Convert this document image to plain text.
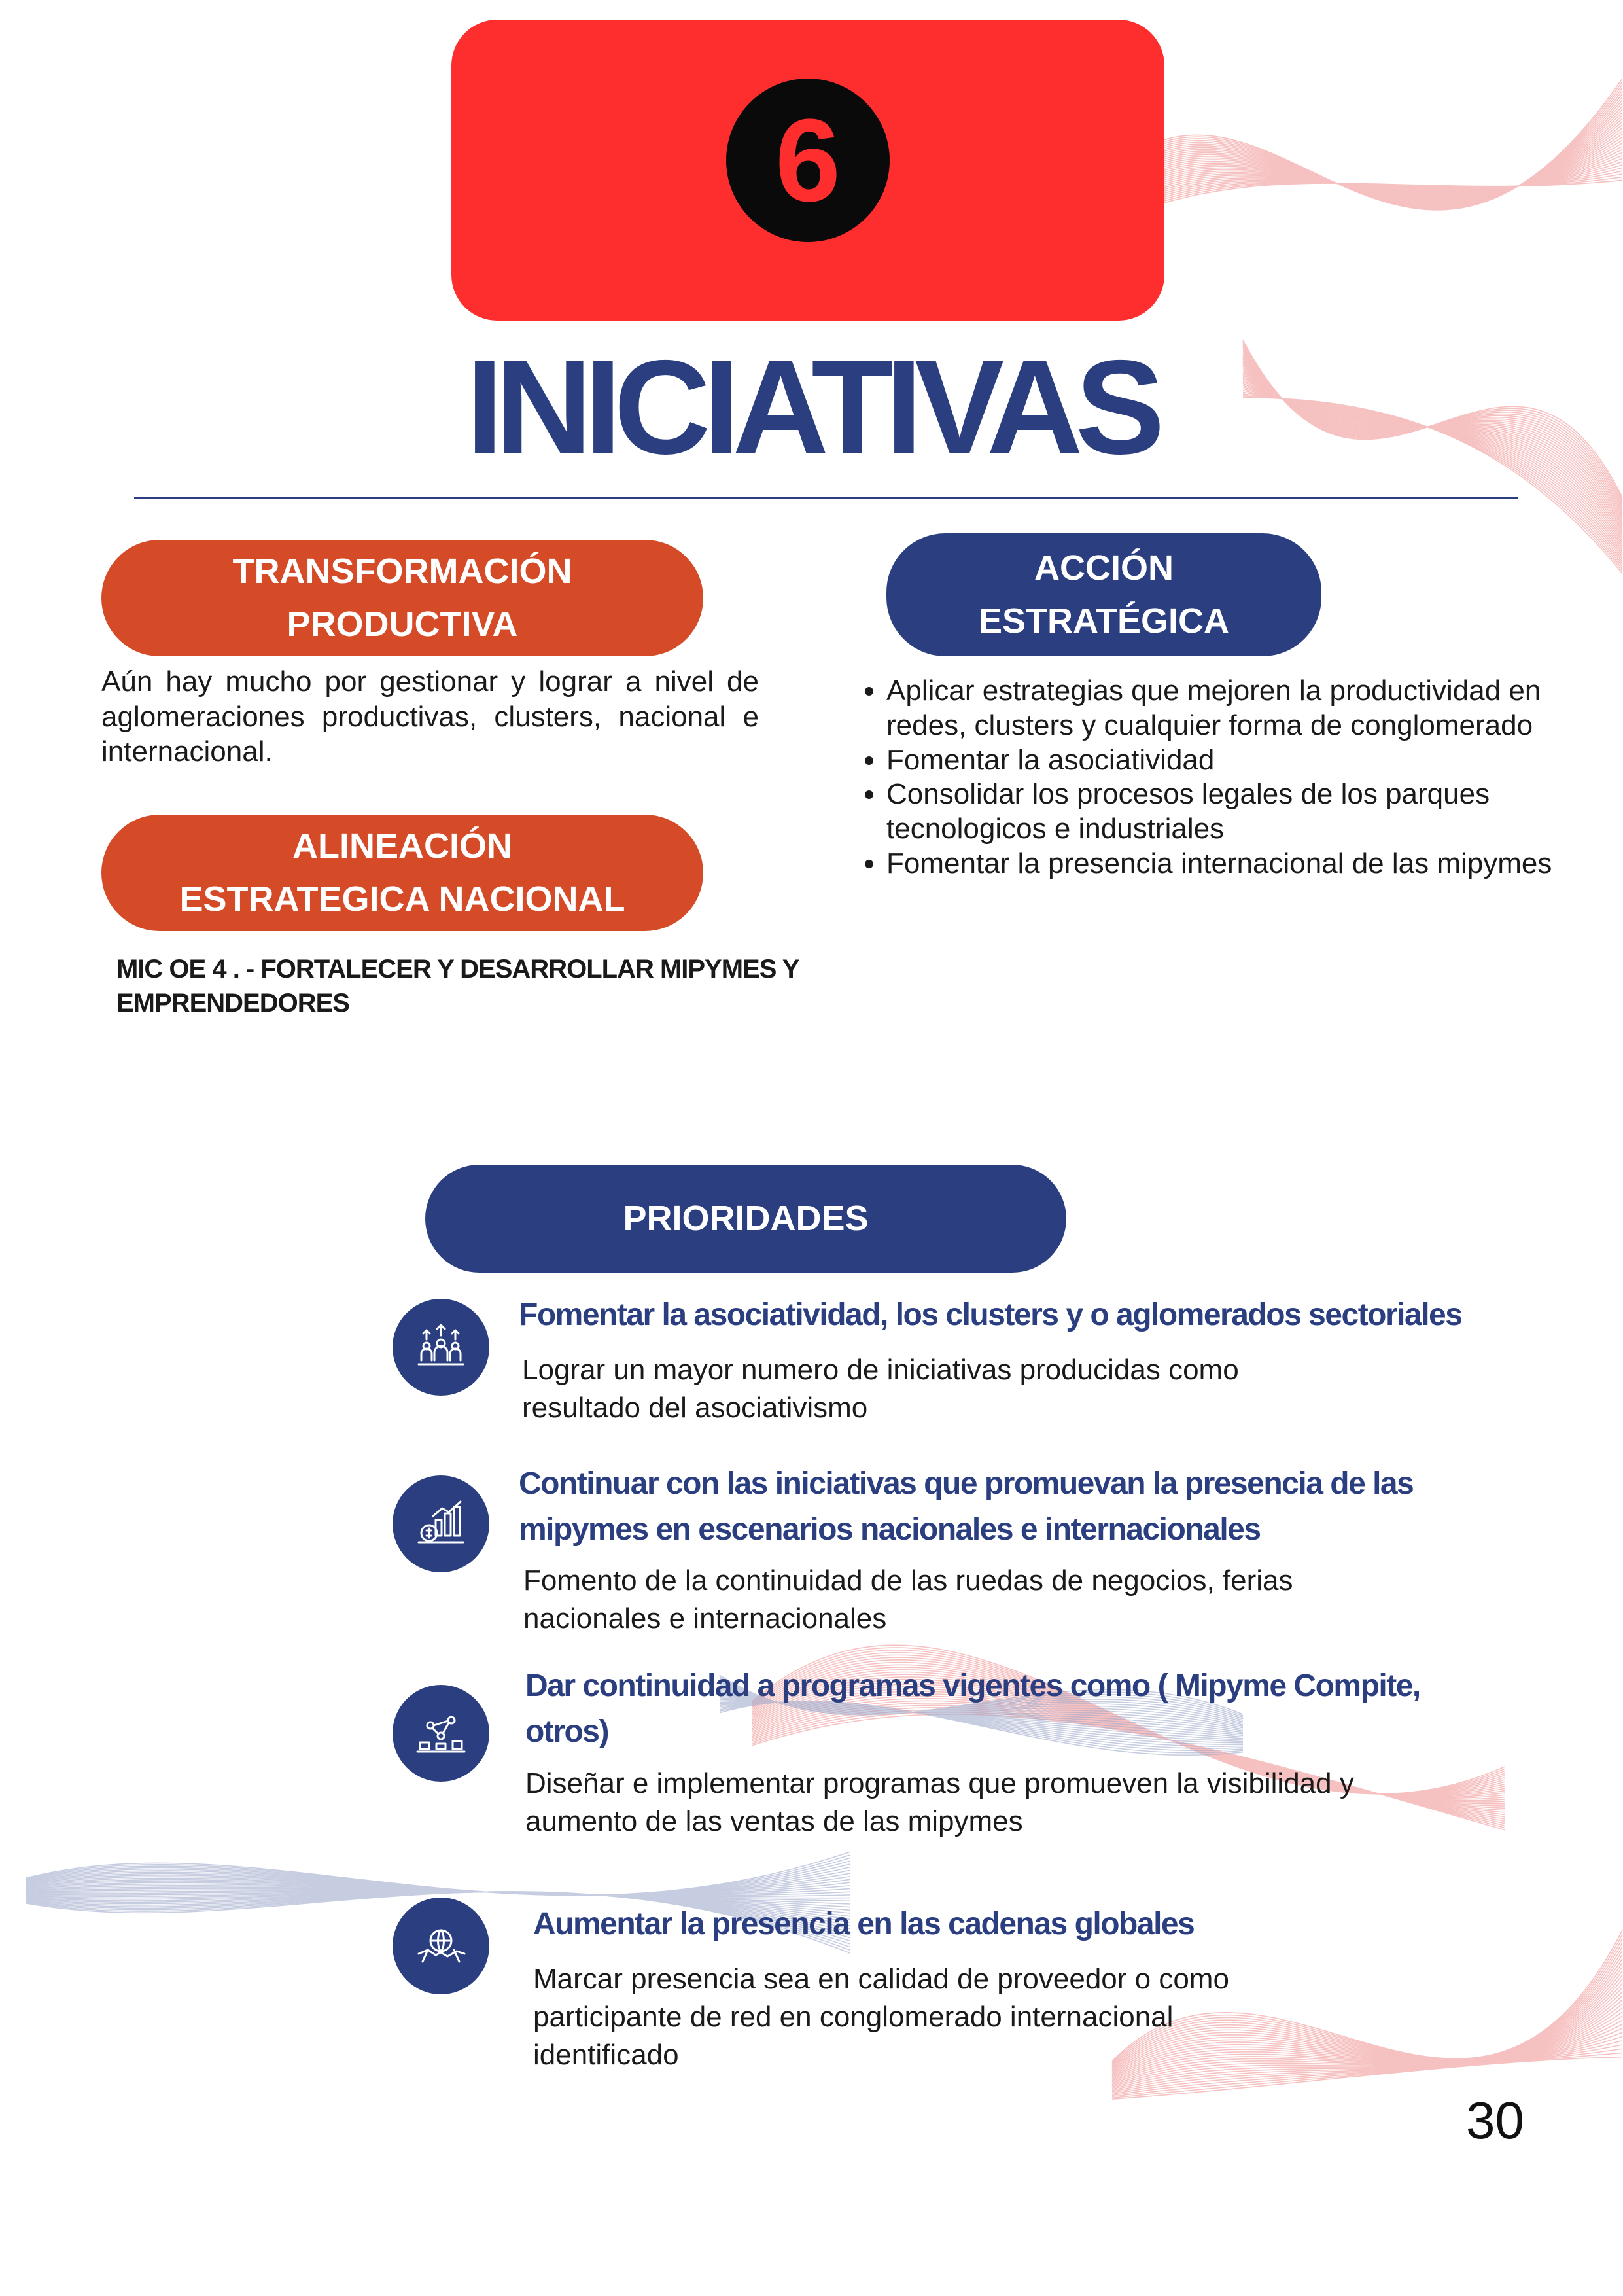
6
INICIATIVAS
TRANSFORMACIÓN
PRODUCTIVA
Aún hay mucho por gestionar y lograr a nivel de aglomeraciones productivas, clusters, nacional e internacional.
ALINEACIÓN
ESTRATEGICA NACIONAL
MIC OE 4 . - FORTALECER Y DESARROLLAR MIPYMES Y
EMPRENDEDORES
ACCIÓN
ESTRATÉGICA
• Aplicar estrategias que mejoren la productividad en redes, clusters y cualquier forma de conglomerado
• Fomentar la asociatividad
• Consolidar los procesos legales de los parques tecnologicos e industriales
• Fomentar la presencia internacional de las mipymes
PRIORIDADES
Fomentar la asociatividad, los clusters y o aglomerados sectoriales
Lograr un mayor numero de iniciativas producidas como
resultado del asociativismo
Continuar con las iniciativas que promuevan la presencia de las
mipymes en escenarios nacionales e internacionales
Fomento de la continuidad de las ruedas de negocios, ferias
nacionales e internacionales
Dar continuidad a programas vigentes como ( Mipyme Compite,
otros)
Diseñar e implementar programas que promueven la visibilidad y
aumento de las ventas de las mipymes
Aumentar la presencia en las cadenas globales
Marcar presencia sea en calidad de proveedor o como
participante de red en conglomerado internacional
identificado
30
